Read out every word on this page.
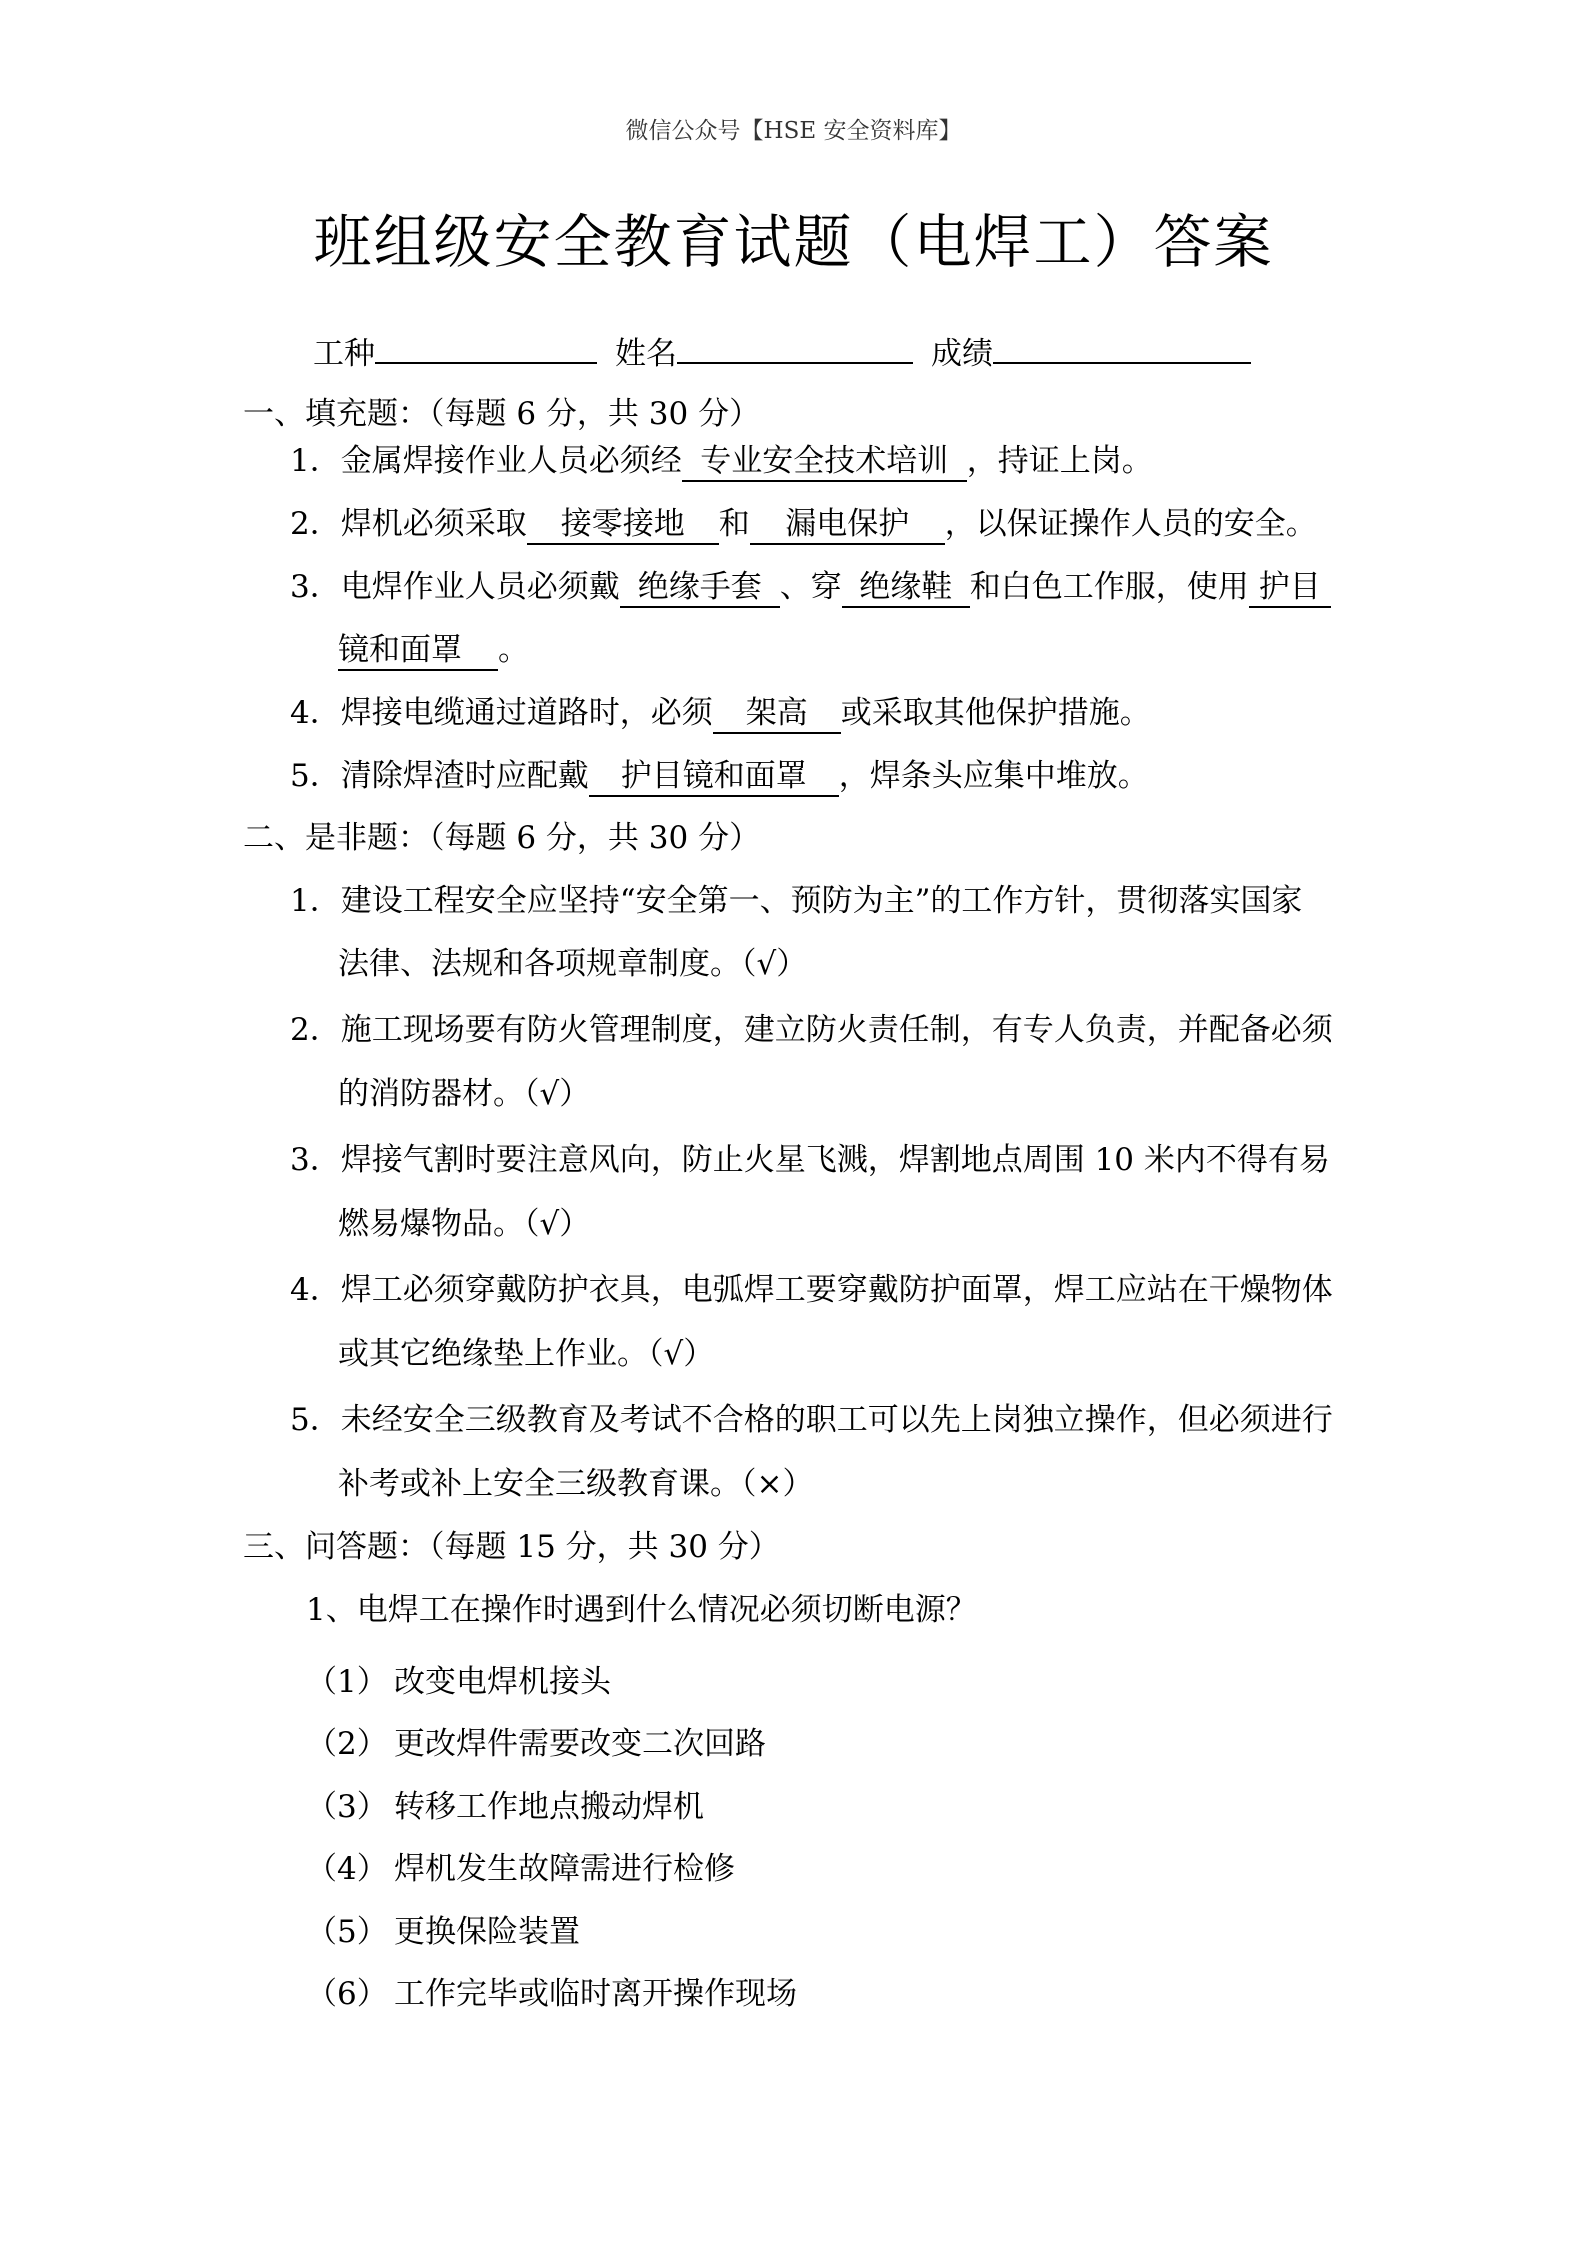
微信公众号【HSE 安全资料库】
班组级安全教育试题（电焊工）答案
工种	姓名	成绩
一、填充题：（每题 6 分，共 30 分）
1．金属焊接作业人员必须经 专业安全技术培训 ，持证上岗。
2．焊机必须采取 接零接地 和 漏电保护 ，以保证操作人员的安全。
3．电焊作业人员必须戴 绝缘手套 、穿 绝缘鞋 和白色工作服，使用 护目
镜和面罩 。
4．焊接电缆通过道路时，必须 架高 或采取其他保护措施。
5．清除焊渣时应配戴 护目镜和面罩 ，焊条头应集中堆放。
二、是非题：（每题 6 分，共 30 分）
1．建设工程安全应坚持“安全第一、预防为主”的工作方针，贯彻落实国家
法律、法规和各项规章制度。（√）
2．施工现场要有防火管理制度，建立防火责任制，有专人负责，并配备必须
的消防器材。（√）
3．焊接气割时要注意风向，防止火星飞溅，焊割地点周围 10 米内不得有易
燃易爆物品。（√）
4．焊工必须穿戴防护衣具，电弧焊工要穿戴防护面罩，焊工应站在干燥物体
或其它绝缘垫上作业。（√）
5．未经安全三级教育及考试不合格的职工可以先上岗独立操作，但必须进行
补考或补上安全三级教育课。（×）
三、问答题：（每题 15 分，共 30 分）
1、电焊工在操作时遇到什么情况必须切断电源？
（1） 改变电焊机接头
（2） 更改焊件需要改变二次回路
（3） 转移工作地点搬动焊机
（4） 焊机发生故障需进行检修
（5） 更换保险装置
（6） 工作完毕或临时离开操作现场
